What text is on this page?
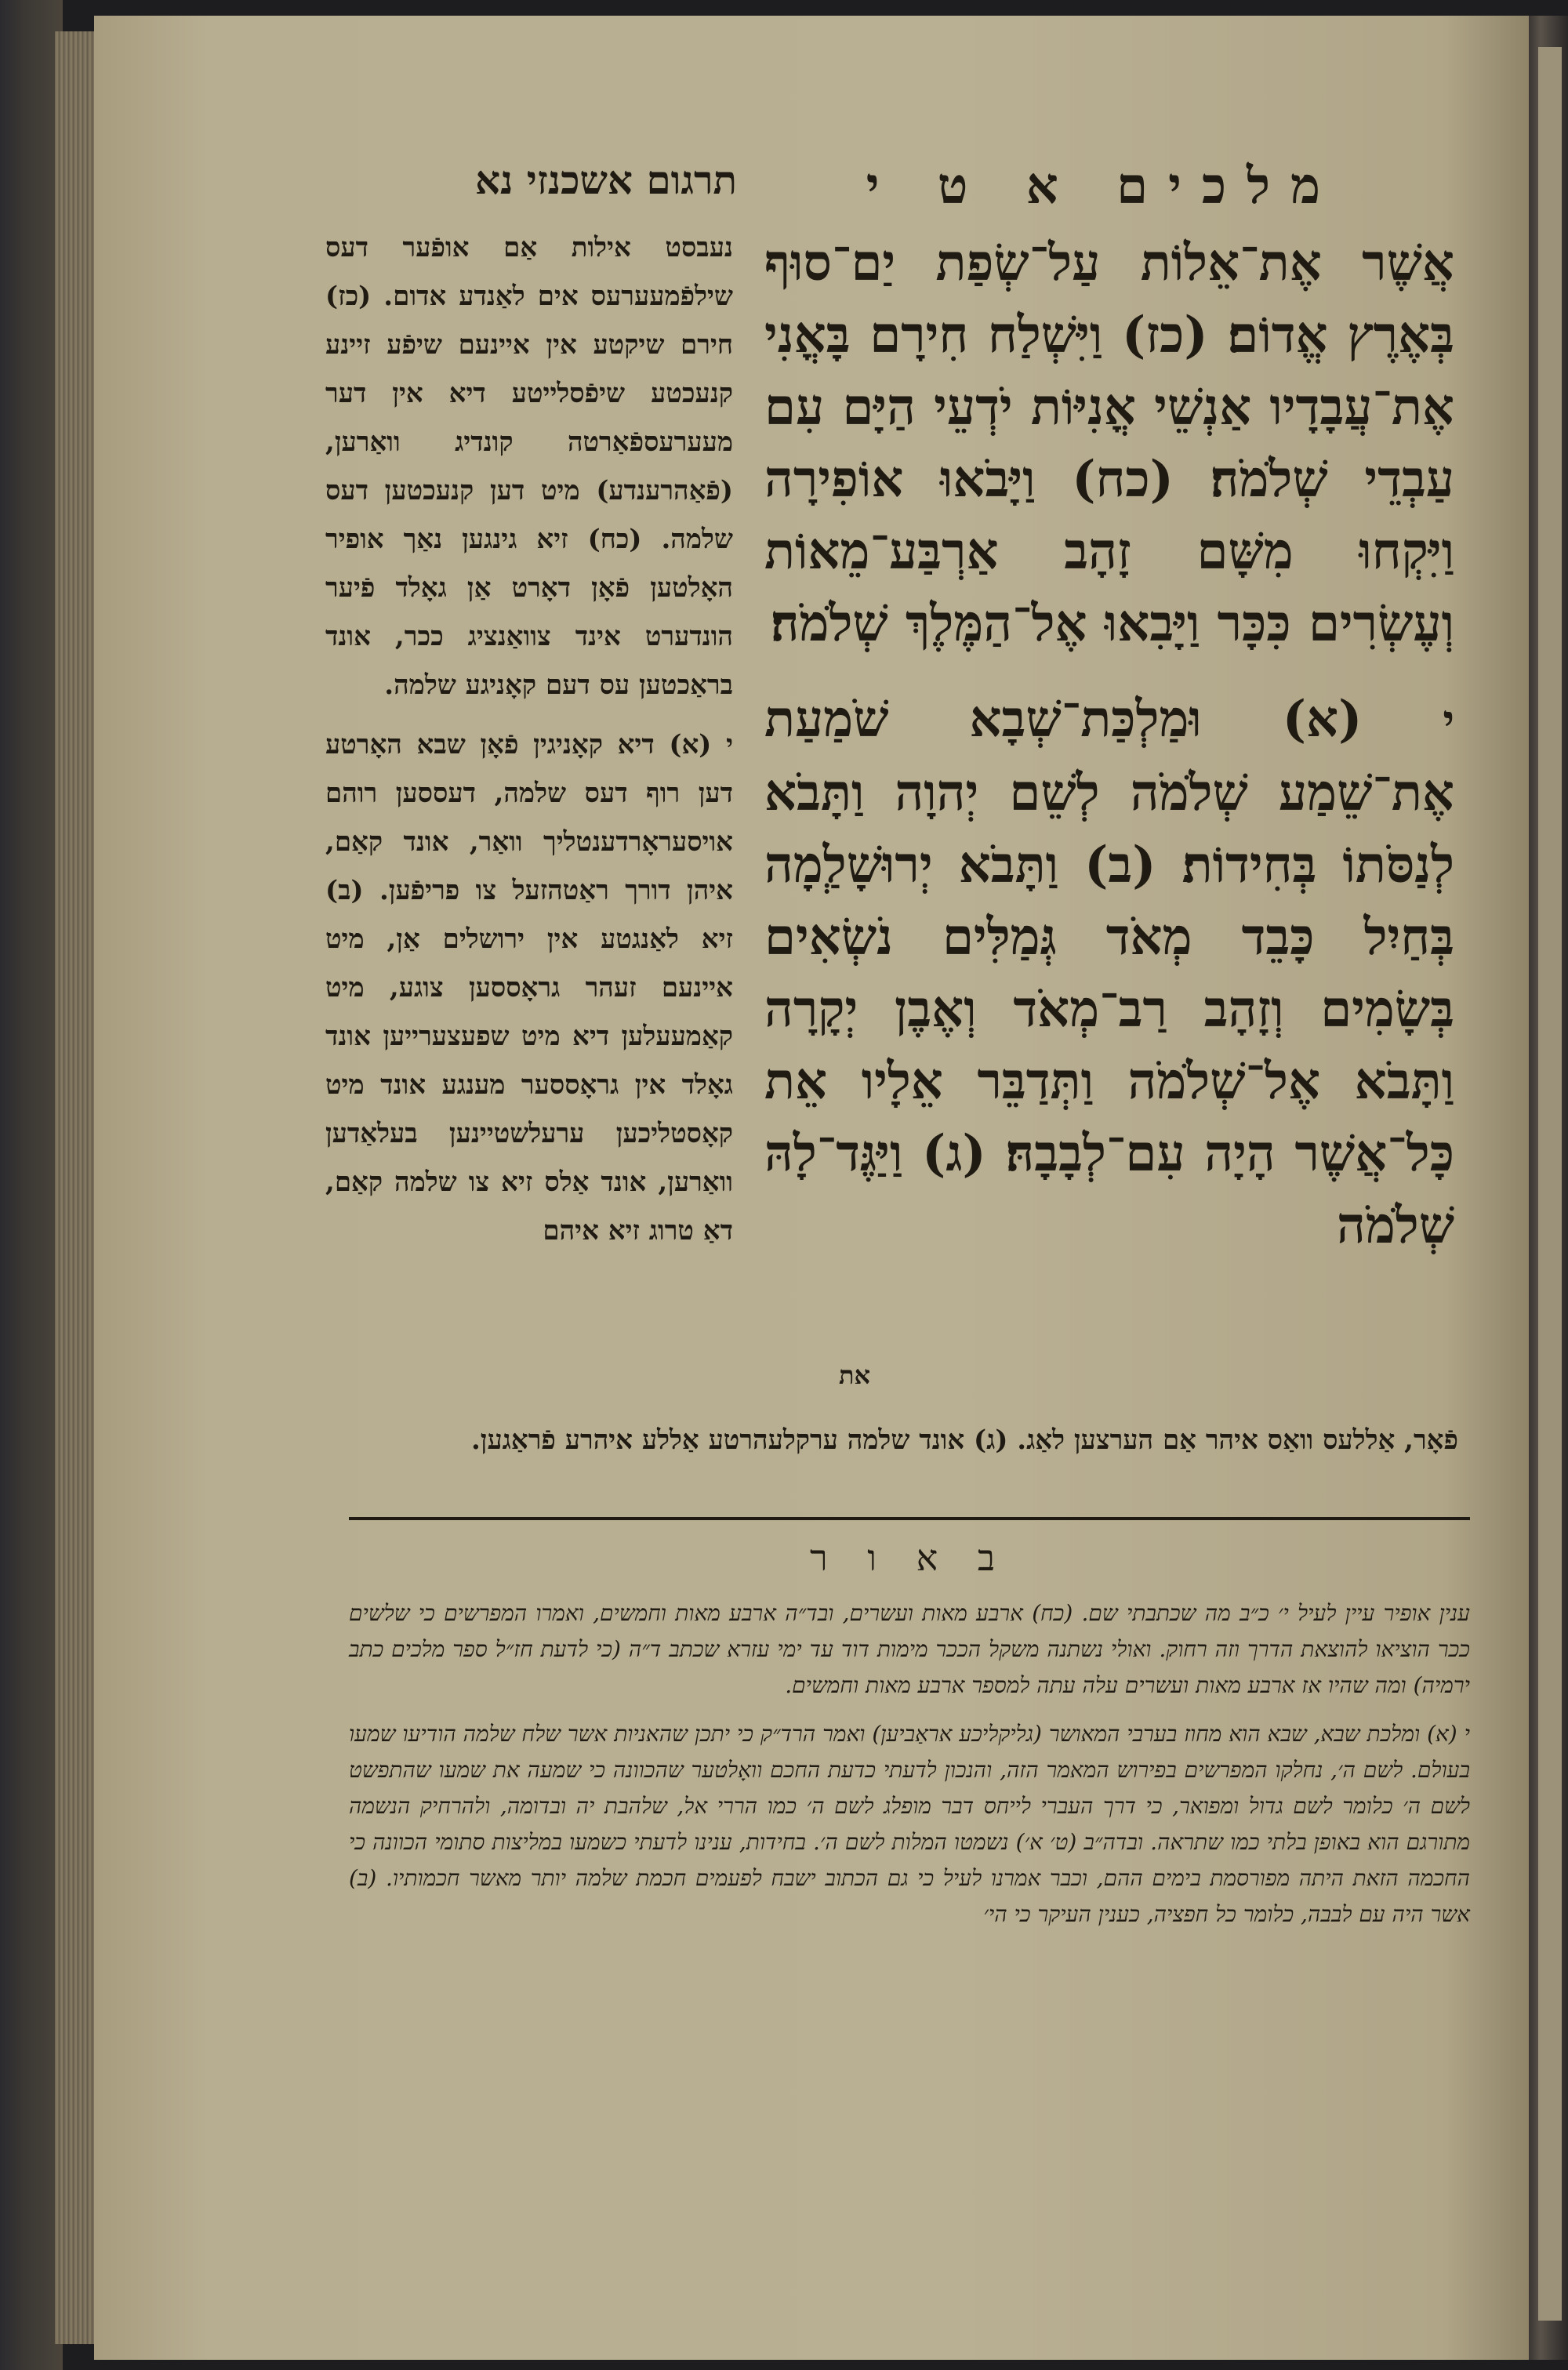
מלכים א ט י
תרגום אשכנזי נא

אֲשֶׁר אֶת־אֵלוֹת עַל־שְׂפַת יַם־סוּף בְּאֶרֶץ אֱדוֹם׃ (כז) וַיִּשְׁלַח חִירָם בָּאֳנִי אֶת־עֲבָדָיו אַנְשֵׁי אֳנִיּוֹת יֹדְעֵי הַיָּם עִם עַבְדֵי שְׁלֹמֹה׃ (כח) וַיָּבֹאוּ אוֹפִירָה וַיִּקְחוּ מִשָּׁם זָהָב אַרְבַּע־מֵאוֹת וְעֶשְׂרִים כִּכָּר וַיָּבִאוּ אֶל־הַמֶּלֶךְ שְׁלֹמֹה׃

י (א) וּמַלְכַּת־שְׁבָא שֹׁמַעַת אֶת־שֵׁמַע שְׁלֹמֹה לְשֵׁם יְהוָה וַתָּבֹא לְנַסֹּתוֹ בְּחִידוֹת׃ (ב) וַתָּבֹא יְרוּשָׁלְַמָה בְּחַיִל כָּבֵד מְאֹד גְּמַלִּים נֹשְׂאִים בְּשָׂמִים וְזָהָב רַב־מְאֹד וְאֶבֶן יְקָרָה וַתָּבֹא אֶל־שְׁלֹמֹה וַתְּדַבֵּר אֵלָיו אֵת כָּל־אֲשֶׁר הָיָה עִם־לְבָבָהּ׃ (ג) וַיַּגֶּד־לָהּ שְׁלֹמֹה

את

נעבסט אילות אַם אופֿער דעס שילפֿמעערעס אים לאַנדע אדום. (כז) חירם שיקטע אין איינעם שיפֿע זיינע קנעכטע שיפֿסלייטע דיא אין דער מעערעספֿאַרטה קונדיג וואַרען, (פֿאַהרענדע) מיט דען קנעכטען דעס שלמה. (כח) זיא גינגען נאַך אופיר האָלטען פֿאָן דאָרט אַן גאָלד פֿיער הונדערט אינד צוואַנציג ככר, אונד בראַכטען עס דעם קאָניגע שלמה.

י (א) דיא קאָניגין פֿאָן שבא האָרטע דען רוף דעס שלמה, דעססען רוהם אויסעראָרדענטליך וואַר, אונד קאַם, איהן דורך ראַטהזעל צו פריפֿען. (ב) זיא לאַנגטע אין ירושלים אַן, מיט איינעם זעהר גראָססען צוגע, מיט קאַמעעלען דיא מיט שפעצערייען אונד גאָלד אין גראָססער מענגע אונד מיט קאָסטליכען ערעלשטיינען בעלאַדען וואַרען, אונד אַלס זיא צו שלמה קאַם, דאַ טרוג זיא איהם

פֿאָר, אַללעס וואַס איהר אַם הערצען לאַג. (ג) אונד שלמה ערקלעהרטע אַללע איהרע פֿראַגען.

ב א ו ר

ענין אופיר עיין לעיל י׳ כ״ב מה שכתבתי שם. (כח) ארבע מאות ועשרים, ובד״ה ארבע מאות וחמשים, ואמרו המפרשים כי שלשים ככר הוציאו להוצאת הדרך וזה רחוק. ואולי נשתנה משקל הככר מימות דוד עד ימי עזרא שכתב ד״ה (כי לדעת חז״ל ספר מלכים כתב ירמיה) ומה שהיו אז ארבע מאות ועשרים עלה עתה למספר ארבע מאות וחמשים.

י (א) ומלכת שבא, שבא הוא מחוז בערבי המאושר (גליקליכע אראַביען) ואמר הרד״ק כי יתכן שהאניות אשר שלח שלמה הודיעו שמעו בעולם. לשם ה׳, נחלקו המפרשים בפירוש המאמר הזה, והנכון לדעתי כדעת החכם וואָלטער שהכוונה כי שמעה את שמעו שהתפשט לשם ה׳ כלומר לשם גדול ומפואר, כי דרך העברי לייחס דבר מופלג לשם ה׳ כמו הררי אל, שלהבת יה ובדומה, ולהרחיק הנשמה מתורגם הוא באופן בלתי כמו שתראה. ובדה״ב (ט׳ א׳) נשמטו המלות לשם ה׳. בחידות, ענינו לדעתי כשמעו במליצות סתומי הכוונה כי החכמה הזאת היתה מפורסמת בימים ההם, וכבר אמרנו לעיל כי גם הכתוב ישבח לפעמים חכמת שלמה יותר מאשר חכמותיו. (ב) אשר היה עם לבבה, כלומר כל חפציה, כענין העיקר כי הי׳
